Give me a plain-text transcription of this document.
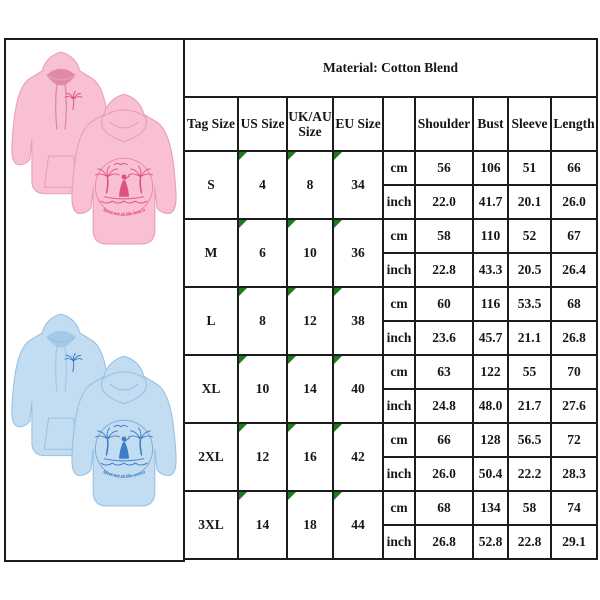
Meet me at the beach
Meet me at the ocean
Material: Cotton Blend								
Tag Size	US Size	UK/AU Size	EU Size		Shoulder	Bust	Sleeve	Length
S	4	8	34	cm	56	106	51	66
				inch	22.0	41.7	20.1	26.0
M	6	10	36	cm	58	110	52	67
				inch	22.8	43.3	20.5	26.4
L	8	12	38	cm	60	116	53.5	68
				inch	23.6	45.7	21.1	26.8
XL	10	14	40	cm	63	122	55	70
				inch	24.8	48.0	21.7	27.6
2XL	12	16	42	cm	66	128	56.5	72
				inch	26.0	50.4	22.2	28.3
3XL	14	18	44	cm	68	134	58	74
				inch	26.8	52.8	22.8	29.1
